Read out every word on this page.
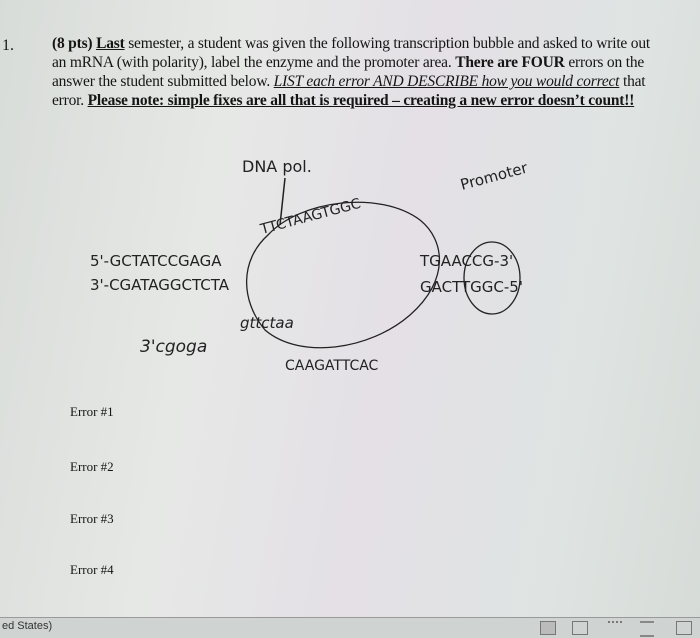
1. (8 pts) Last semester, a student was given the following transcription bubble and asked to write out an mRNA (with polarity), label the enzyme and the promoter area. There are FOUR errors on the answer the student submitted below. LIST each error AND DESCRIBE how you would correct that error. Please note: simple fixes are all that is required – creating a new error doesn’t count!!
DNA pol.	Promoter
5'-GCTATCCGAGA
TTCTAAGTGGC
TGAACCG-3'
3'-CGATAGGCTCTA	GACTTGGC-5'
3'cgoga
gttctaa
CAAGATTCAC
Error #1
Error #2
Error #3
Error #4
ed States)
